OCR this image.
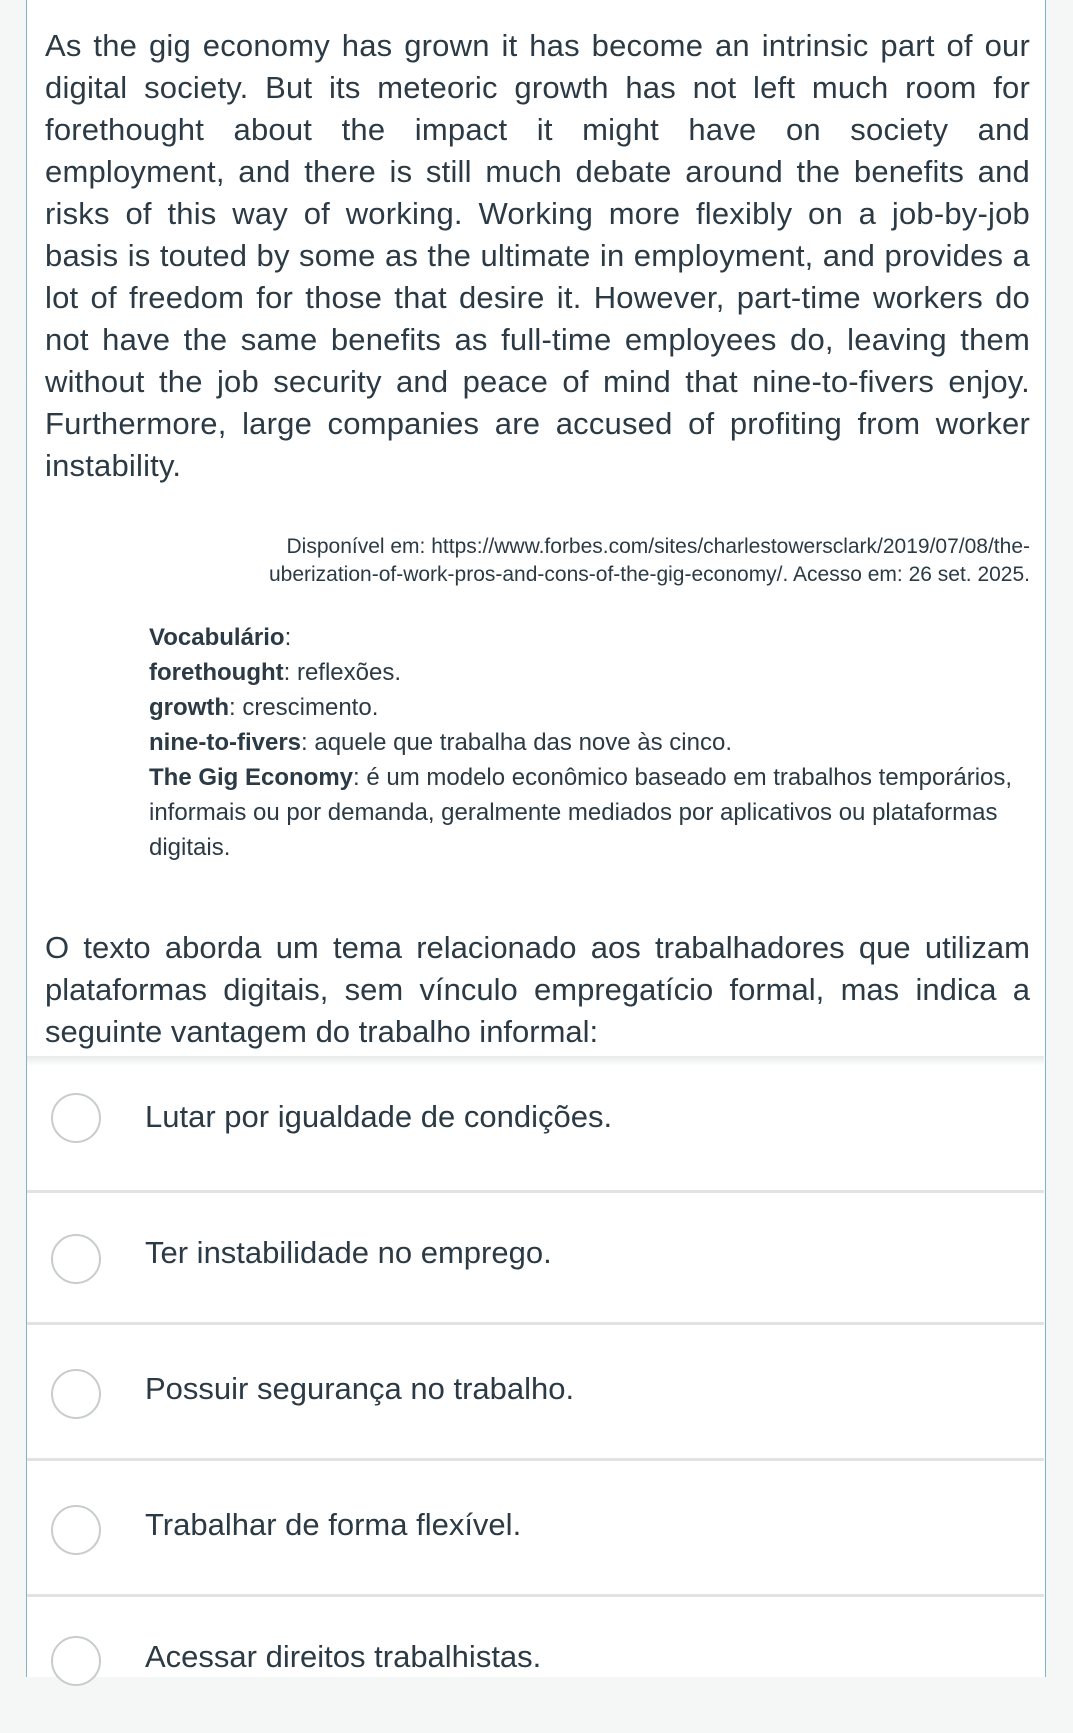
As the gig economy has grown it has become an intrinsic part of our digital society. But its meteoric growth has not left much room for forethought about the impact it might have on society and employment, and there is still much debate around the benefits and risks of this way of working. Working more flexibly on a job-by-job basis is touted by some as the ultimate in employment, and provides a lot of freedom for those that desire it. However, part-time workers do not have the same benefits as full-time employees do, leaving them without the job security and peace of mind that nine-to-fivers enjoy. Furthermore, large companies are accused of profiting from worker instability.

Disponível em: https://www.forbes.com/sites/charlestowersclark/2019/07/08/the-
uberization-of-work-pros-and-cons-of-the-gig-economy/. Acesso em: 26 set. 2025.
Vocabulário:
forethought: reflexões.
growth: crescimento.
nine-to-fivers: aquele que trabalha das nove às cinco.
The Gig Economy: é um modelo econômico baseado em trabalhos temporários, informais ou por demanda, geralmente mediados por aplicativos ou plataformas digitais.

O texto aborda um tema relacionado aos trabalhadores que utilizam plataformas digitais, sem vínculo empregatício formal, mas indica a seguinte vantagem do trabalho informal:

Lutar por igualdade de condições.
Ter instabilidade no emprego.
Possuir segurança no trabalho.
Trabalhar de forma flexível.
Acessar direitos trabalhistas.
